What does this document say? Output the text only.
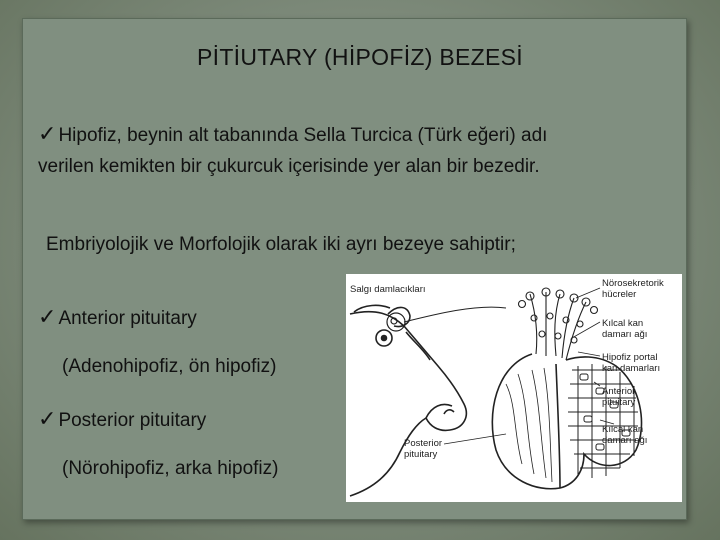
PİTİUTARY (HİPOFİZ) BEZESİ
✓ Hipofiz, beynin alt tabanında Sella Turcica (Türk eğeri) adı
verilen kemikten bir çukurcuk içerisinde yer alan bir bezedir.
Embriyolojik ve Morfolojik olarak iki ayrı bezeye sahiptir;
✓ Anterior pituitary
(Adenohipofiz, ön hipofiz)
✓ Posterior pituitary
(Nörohipofiz, arka hipofiz)
Salgı damlacıkları
Nörosekretorik
hücreler
Kılcal kan
damarı ağı
Hipofiz portal
kan damarları
Anterior
pituitary
Kılcal kan
damarı ağı
Posterior
pituitary
